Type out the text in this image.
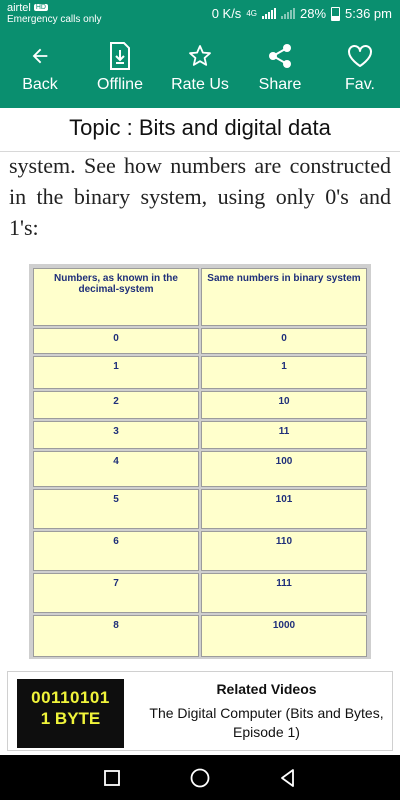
airtel HD
Emergency calls only	0 K/s 4G	28% 5:36 pm
Back Offline Rate Us Share	Fav.
Topic : Bits and digital data
system. See how numbers are constructed in the binary system, using only 0's and 1's:
Numbers, as known in the decimal-system	Same numbers in binary system
0	0
1	1
2	10
3	11
4	100
5	101
6	110
7	111
8	1000
00110101
1 BYTE
Related Videos
The Digital Computer (Bits and Bytes, Episode 1)
